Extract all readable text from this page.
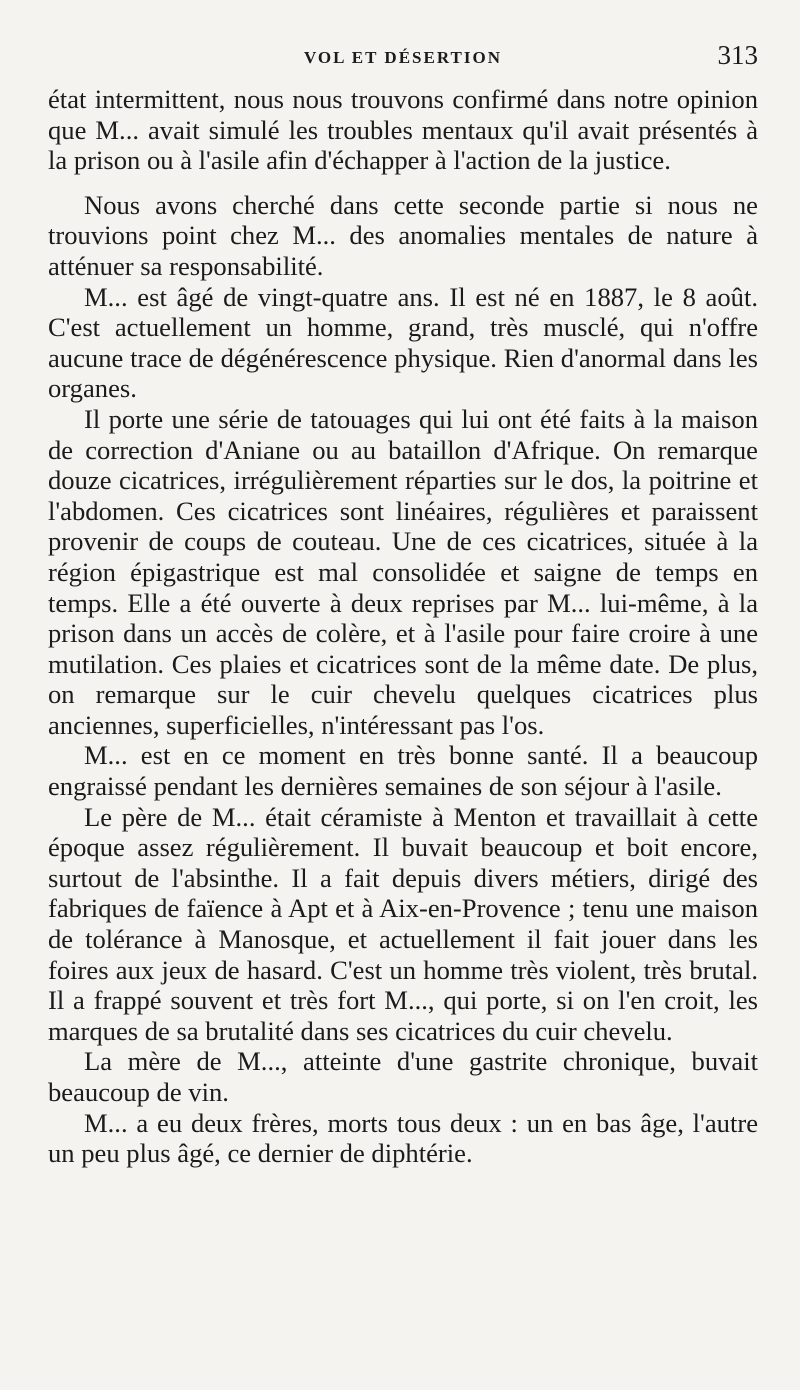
VOL ET DÉSERTION	313

état intermittent, nous nous trouvons confirmé dans notre opinion que M... avait simulé les troubles mentaux qu'il avait présentés à la prison ou à l'asile afin d'échapper à l'action de la justice.

Nous avons cherché dans cette seconde partie si nous ne trouvions point chez M... des anomalies mentales de nature à atténuer sa responsabilité.

M... est âgé de vingt-quatre ans. Il est né en 1887, le 8 août. C'est actuellement un homme, grand, très musclé, qui n'offre aucune trace de dégénérescence physique. Rien d'anormal dans les organes.

Il porte une série de tatouages qui lui ont été faits à la maison de correction d'Aniane ou au bataillon d'Afrique. On remarque douze cicatrices, irrégulièrement réparties sur le dos, la poitrine et l'abdomen. Ces cicatrices sont linéaires, régulières et paraissent provenir de coups de couteau. Une de ces cicatrices, située à la région épigastrique est mal consolidée et saigne de temps en temps. Elle a été ouverte à deux reprises par M... lui-même, à la prison dans un accès de colère, et à l'asile pour faire croire à une mutilation. Ces plaies et cicatrices sont de la même date. De plus, on remarque sur le cuir chevelu quelques cicatrices plus anciennes, superficielles, n'intéressant pas l'os.

M... est en ce moment en très bonne santé. Il a beaucoup engraissé pendant les dernières semaines de son séjour à l'asile.

Le père de M... était céramiste à Menton et travaillait à cette époque assez régulièrement. Il buvait beaucoup et boit encore, surtout de l'absinthe. Il a fait depuis divers métiers, dirigé des fabriques de faïence à Apt et à Aix-en-Provence ; tenu une maison de tolérance à Manosque, et actuellement il fait jouer dans les foires aux jeux de hasard. C'est un homme très violent, très brutal. Il a frappé souvent et très fort M..., qui porte, si on l'en croit, les marques de sa brutalité dans ses cicatrices du cuir chevelu.

La mère de M..., atteinte d'une gastrite chronique, buvait beaucoup de vin.

M... a eu deux frères, morts tous deux : un en bas âge, l'autre un peu plus âgé, ce dernier de diphtérie.
